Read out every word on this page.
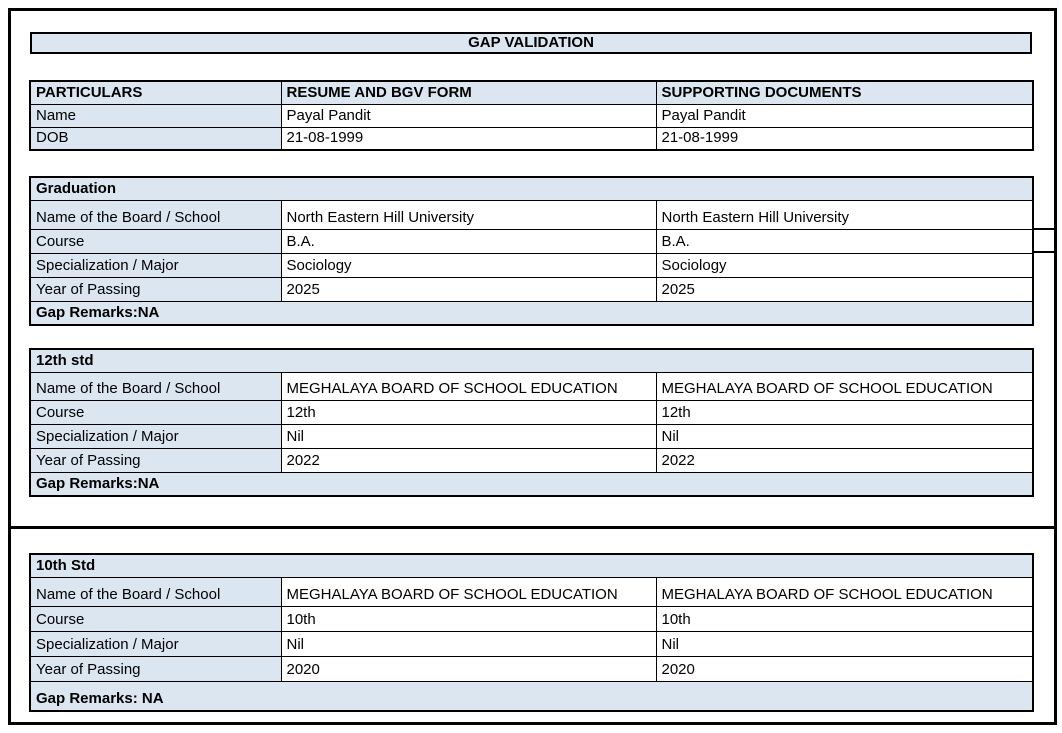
GAP VALIDATION
PARTICULARS	RESUME AND BGV FORM	SUPPORTING DOCUMENTS
Name	Payal Pandit	Payal Pandit
DOB	21-08-1999	21-08-1999
Graduation		
Name of the Board / School	North Eastern Hill University	North Eastern Hill University
Course	B.A.	B.A.
Specialization / Major	Sociology	Sociology
Year of Passing	2025	2025
Gap Remarks:NA		
12th std		
Name of the Board / School	MEGHALAYA BOARD OF SCHOOL EDUCATION	MEGHALAYA BOARD OF SCHOOL EDUCATION
Course	12th	12th
Specialization / Major	Nil	Nil
Year of Passing	2022	2022
Gap Remarks:NA		
10th Std		
Name of the Board / School	MEGHALAYA BOARD OF SCHOOL EDUCATION	MEGHALAYA BOARD OF SCHOOL EDUCATION
Course	10th	10th
Specialization / Major	Nil	Nil
Year of Passing	2020	2020
Gap Remarks: NA		
